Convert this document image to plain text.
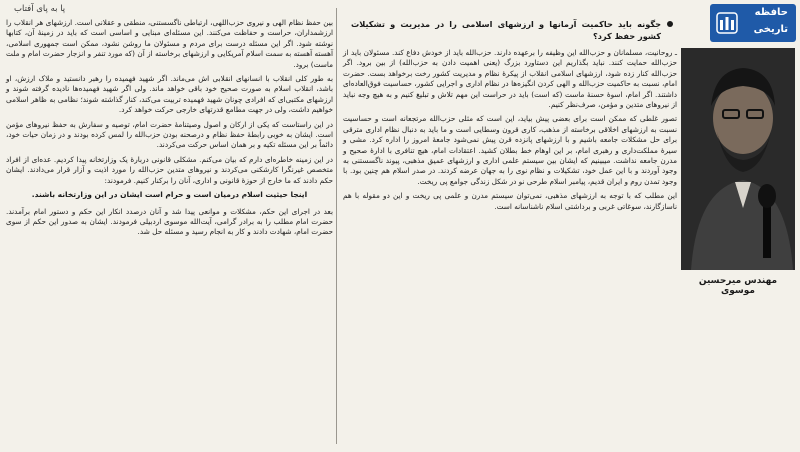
پا به پای آفتاب

بین حفظ نظام الهی و نیروی حزب‌اللهی، ارتباطی ناگسستنی، منطقی و عقلانی است. ارزشهای هر انقلاب را ارزشمداران، حراست و حفاظت می‌کنند. این مسئله‌ای مبنایی و اساسی است که باید در زمینهٔ آن، کتابها نوشته شود. اگر این مسئله درست برای مردم و مسئولان ما روشن نشود، ممکن است جمهوری اسلامی، آهسته آهسته به سمت اسلام آمریکایی و ارزشهای برخاسته از آن (که مورد تنفر و انزجار حضرت امام و ملت ماست) برود.

به طور کلی انقلاب با انسانهای انقلابی اش می‌ماند. اگر شهید فهمیده را رهبر دانستید و ملاک ارزش، او باشد، انقلاب اسلام به صورت صحیح خود باقی خواهد ماند. ولی اگر شهید فهمیده‌ها نادیده گرفته شوند و ارزشهای مکتبی‌ای که افرادی چونان شهید فهمیده تربیت می‌کند، کنار گذاشته شوند؛ نظامی به ظاهر اسلامی خواهیم داشت، ولی در جهت مطامع قدرتهای خارجی حرکت خواهد کرد.

در این راستاست که یکی از ارکان و اصول وصیتنامهٔ حضرت امام، توصیه و سفارش به حفظ نیروهای مؤمن است. ایشان به خوبی رابطهٔ حفظ نظام و درصحنه بودن حزب‌الله را لمس کرده بودند و در زمان حیات خود، دائماً بر این مسئله تکیه و بر همان اساس حرکت می‌کردند.

در این زمینه خاطره‌ای دارم که بیان می‌کنم. مشکلی قانونی دربارهٔ یک وزارتخانه پیدا کردیم. عده‌ای از افراد متخصص غیرنگرا کارشکنی می‌کردند و نیروهای متدین حزب‌الله را مورد اذیت و آزار قرار می‌دادند. ایشان حکم دادند که ما خارج از حوزهٔ قانونی و اداری، آنان را برکنار کنیم. فرمودند:

اینجا حیثیت اسلام درمیان است و حرام است ایشان در این وزارتخانه باشند.

بعد در اجرای این حکم، مشکلات و موانعی پیدا شد و آنان درصدد انکار این حکم و دستور امام برآمدند. حضرت امام مطلب را به برادر گرامی، آیت‌الله موسوی اردبیلی فرمودند. ایشان به صدور این حکم از سوی حضرت امام، شهادت دادند و کار به انجام رسید و مسئله حل شد.

جگونه باید حاکمیت آرمانها و ارزشهای اسلامی را در مدیریت و تشکیلات کشور حفظ کرد؟

ـ روحانیت، مسلمانان و حزب‌الله این وظیفه را برعهده دارند. حزب‌الله باید از خودش دفاع کند. مسئولان باید از حزب‌الله حمایت کنند. نباید بگذاریم این دستاورد بزرگ (یعنی اهمیت دادن به حزب‌الله) از بین برود. اگر حزب‌الله کنار زده شود، ارزشهای اسلامی انقلاب از پیکرهٔ نظام و مدیریت کشور رخت برخواهد بست. حضرت امام، نسبت به حاکمیت حزب‌الله و الهی کردن انگیزه‌ها در نظام اداری و اجرایی کشور، حساسیت فوق‌العاده‌ای داشتند. اگر امام، اسوهٔ حسنهٔ ماست (که است) باید در حراست این مهم تلاش و تبلیغ کنیم و به هیچ وجه نباید از نیروهای متدین و مؤمن، صرف‌نظر کنیم.

تصور غلطی که ممکن است برای بعضی پیش بیاید، این است که مثلی حزب‌الله مرتجعانه است و حساسیت نسبت به ارزشهای اخلاقی برخاسته از مذهب، کاری قرون وسطایی است و ما باید به دنبال نظام اداری مترقی برای حل مشکلات جامعه باشیم و با ارزشهای پانزده قرن پیش نمی‌شود جامعهٔ امروز را اداره کرد. مشی و سیرهٔ مملکت‌داری و رهبری امام، بر این اوهام خط بطلان کشید. اعتقادات امام، هیچ تنافری با ادارهٔ صحیح و مدرن جامعه نداشت. میبینیم که ایشان بین سیستم علمی اداری و ارزشهای عمیق مذهبی، پیوند ناگسستنی به وجود آوردند و با این عمل خود، تشکیلات و نظام نوی را به جهان عرضه کردند. در صدر اسلام هم چنین بود. با وجود تمدن روم و ایران قدیم، پیامبر اسلام طرحی نو در شکل زندگی جوامع پی ریخت.

این مطلب که با توجه به ارزشهای مذهبی، نمی‌توان سیستم مدرن و علمی پی ریخت و این دو مقوله با هم ناسازگارند، سوغاتی غربی و برداشتی اسلام ناشناسانه است.

مهندس میرحسین موسوی
حافظه
تاریخی
